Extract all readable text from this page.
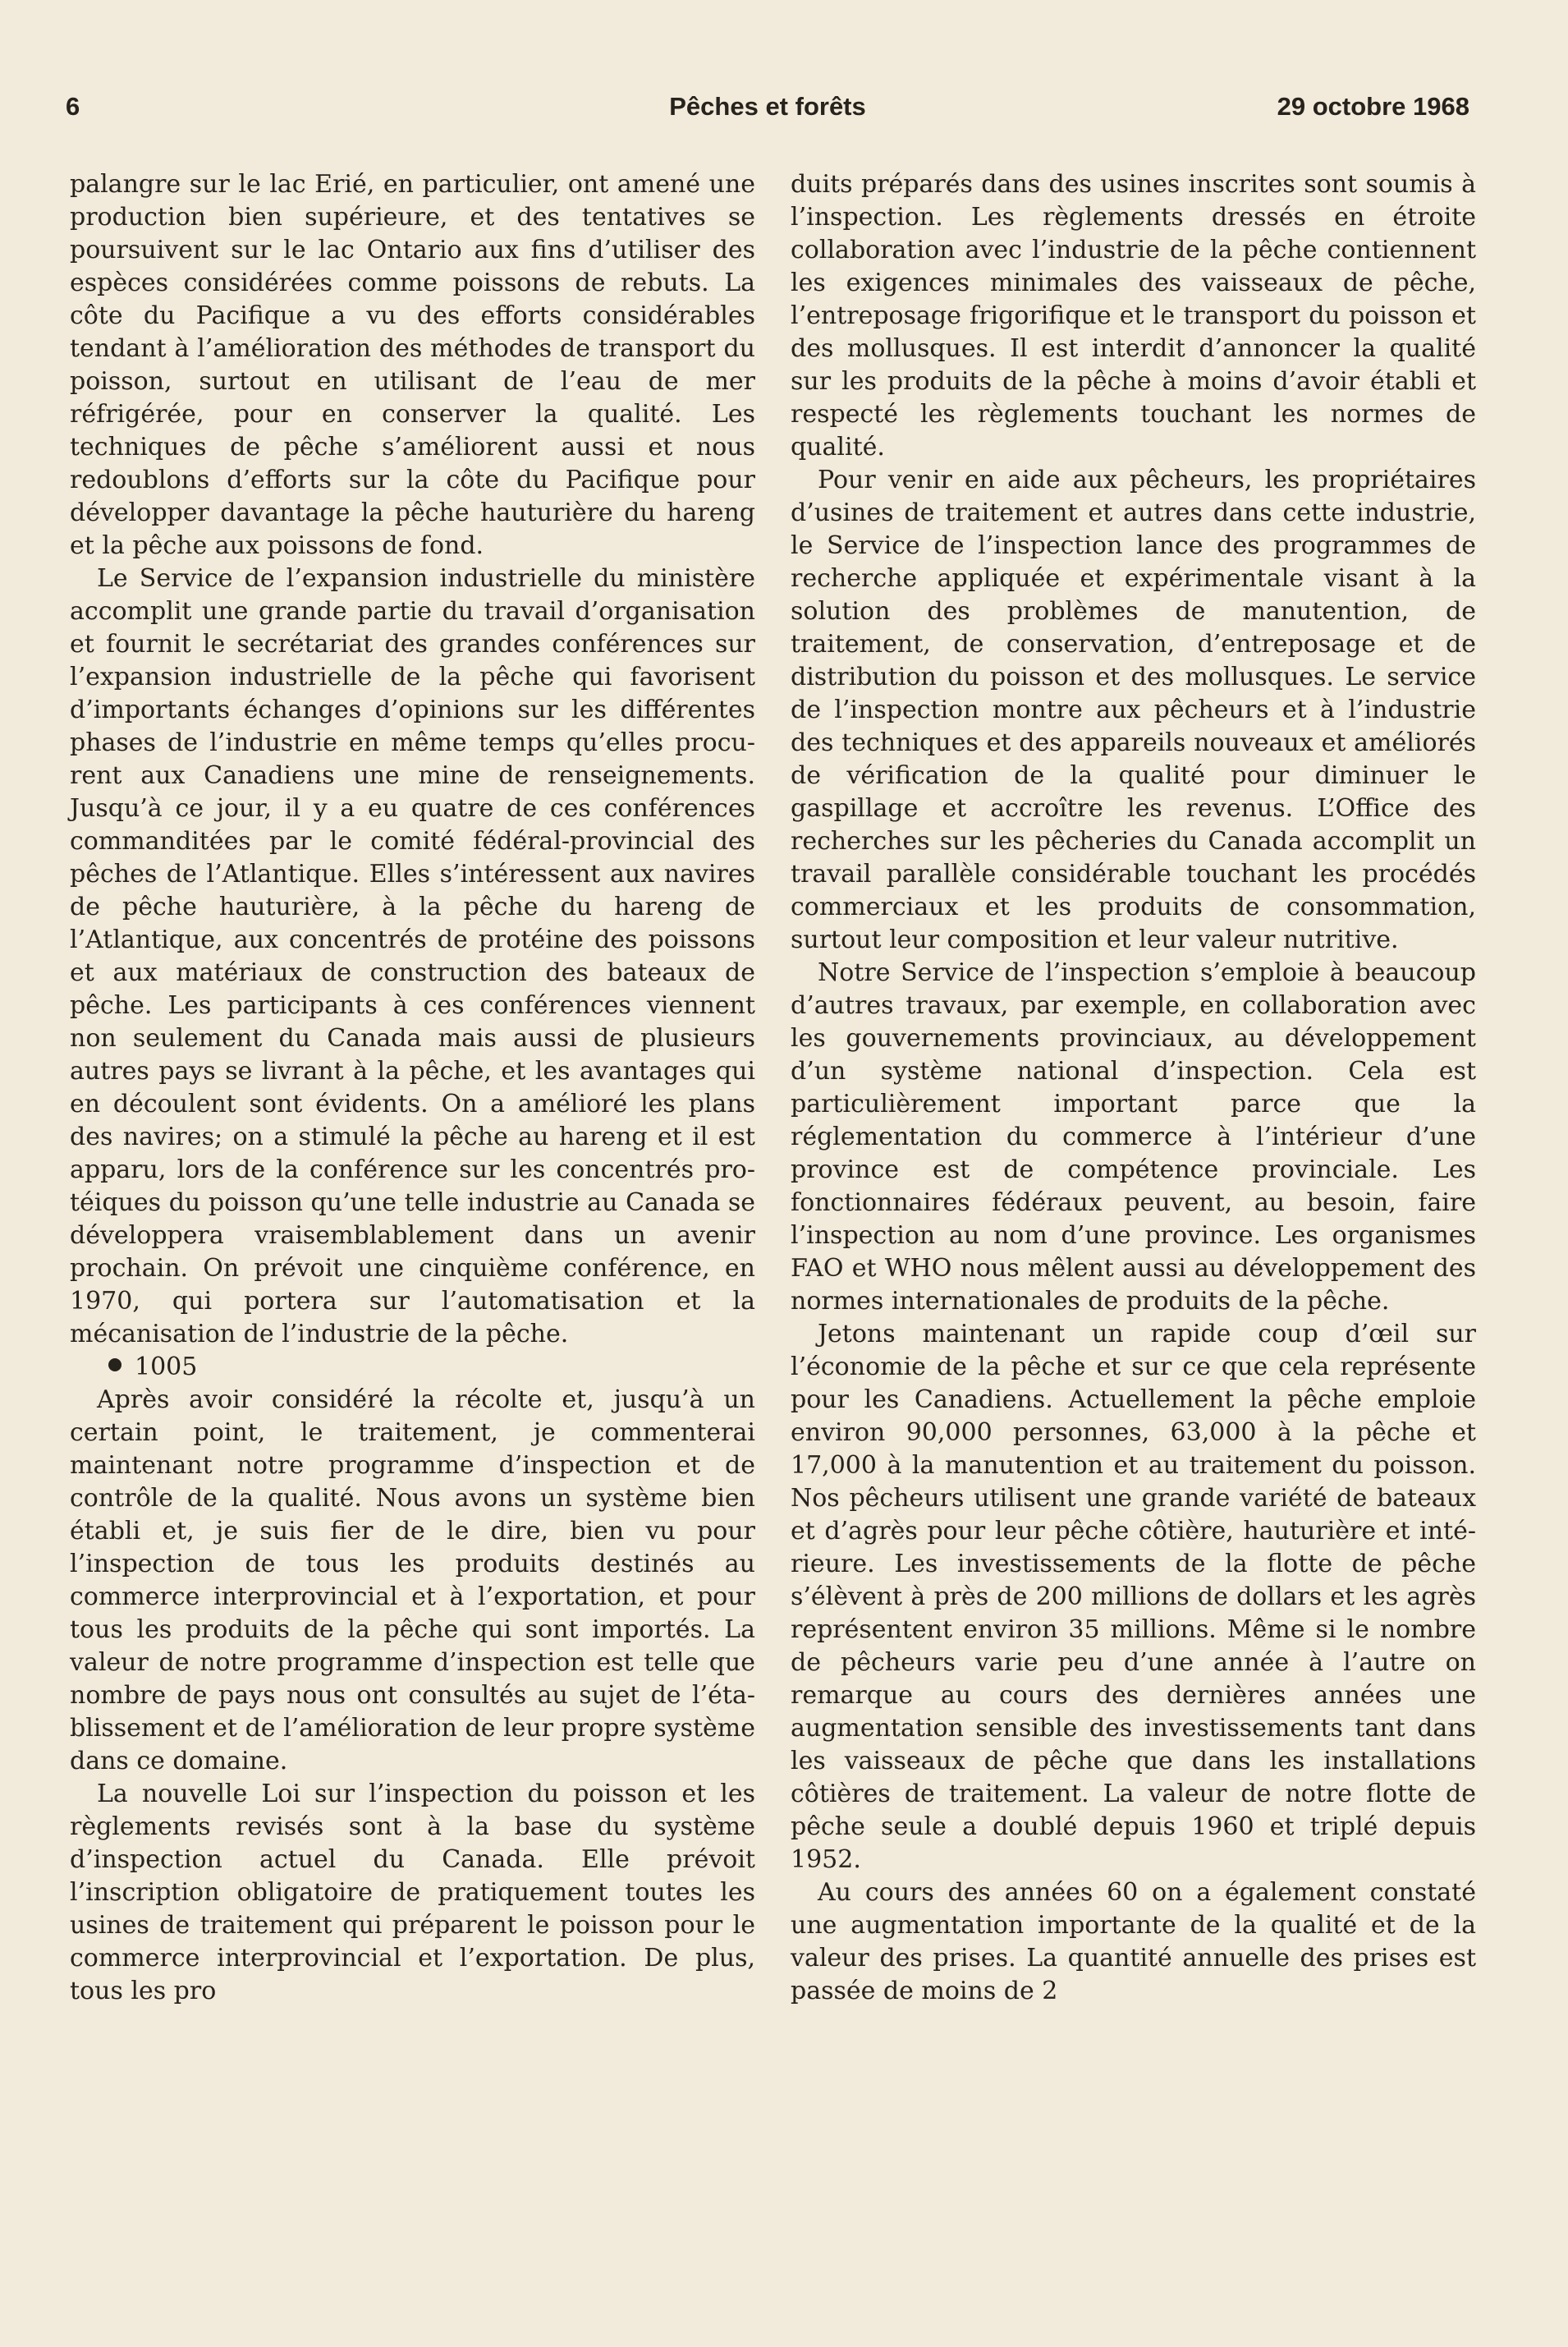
6	Pêches et forêts	29 octobre 1968

palangre sur le lac Erié, en particulier, ont amené une production bien supérieure, et des tentatives se poursuivent sur le lac Ontario aux fins d’utiliser des espèces considérées comme poissons de rebuts. La côte du Pacifique a vu des efforts considérables tendant à l’amélioration des méthodes de transport du poisson, surtout en utilisant de l’eau de mer réfrigérée, pour en conserver la qualité. Les techniques de pêche s’améliorent aussi et nous redoublons d’efforts sur la côte du Pacifique pour développer davantage la pêche hauturière du hareng et la pêche aux poissons de fond.

Le Service de l’expansion industrielle du ministère accomplit une grande partie du travail d’organisation et fournit le secrétariat des grandes conférences sur l’expansion industrielle de la pêche qui favorisent d’importants échanges d’opinions sur les différentes phases de l’industrie en même temps qu’elles procurent aux Canadiens une mine de renseignements. Jusqu’à ce jour, il y a eu quatre de ces conférences commanditées par le comité fédéral-provincial des pêches de l’Atlantique. Elles s’intéressent aux navires de pêche hauturière, à la pêche du hareng de l’Atlantique, aux concentrés de protéine des poissons et aux matériaux de construction des bateaux de pêche. Les participants à ces conférences viennent non seulement du Canada mais aussi de plusieurs autres pays se livrant à la pêche, et les avantages qui en découlent sont évidents. On a amélioré les plans des navires; on a stimulé la pêche au hareng et il est apparu, lors de la conférence sur les concentrés protéiques du poisson qu’une telle industrie au Canada se développera vraisemblablement dans un avenir prochain. On prévoit une cinquième conférence, en 1970, qui portera sur l’automatisation et la mécanisation de l’industrie de la pêche.

1005

Après avoir considéré la récolte et, jusqu’à un certain point, le traitement, je commenterai maintenant notre programme d’inspection et de contrôle de la qualité. Nous avons un système bien établi et, je suis fier de le dire, bien vu pour l’inspection de tous les produits destinés au commerce interprovincial et à l’exportation, et pour tous les produits de la pêche qui sont importés. La valeur de notre programme d’inspection est telle que nombre de pays nous ont consultés au sujet de l’établissement et de l’amélioration de leur propre système dans ce domaine.

La nouvelle Loi sur l’inspection du poisson et les règlements revisés sont à la base du système d’inspection actuel du Canada. Elle prévoit l’inscription obligatoire de pratiquement toutes les usines de traitement qui préparent le poisson pour le commerce interprovincial et l’exportation. De plus, tous les pro

duits préparés dans des usines inscrites sont soumis à l’inspection. Les règlements dressés en étroite collaboration avec l’industrie de la pêche contiennent les exigences minimales des vaisseaux de pêche, l’entreposage frigorifique et le transport du poisson et des mollusques. Il est interdit d’annoncer la qualité sur les produits de la pêche à moins d’avoir établi et respecté les règlements touchant les normes de qualité.

Pour venir en aide aux pêcheurs, les propriétaires d’usines de traitement et autres dans cette industrie, le Service de l’inspection lance des programmes de recherche appliquée et expérimentale visant à la solution des problèmes de manutention, de traitement, de conservation, d’entreposage et de distribution du poisson et des mollusques. Le service de l’inspection montre aux pêcheurs et à l’industrie des techniques et des appareils nouveaux et améliorés de vérification de la qualité pour diminuer le gaspillage et accroître les revenus. L’Office des recherches sur les pêcheries du Canada accomplit un travail parallèle considérable touchant les procédés commerciaux et les produits de consommation, surtout leur composition et leur valeur nutritive.

Notre Service de l’inspection s’emploie à beaucoup d’autres travaux, par exemple, en collaboration avec les gouvernements provinciaux, au développement d’un système national d’inspection. Cela est particulièrement important parce que la réglementation du commerce à l’intérieur d’une province est de compétence provinciale. Les fonctionnaires fédéraux peuvent, au besoin, faire l’inspection au nom d’une province. Les organismes FAO et WHO nous mêlent aussi au développement des normes internationales de produits de la pêche.

Jetons maintenant un rapide coup d’œil sur l’économie de la pêche et sur ce que cela représente pour les Canadiens. Actuellement la pêche emploie environ 90,000 personnes, 63,000 à la pêche et 17,000 à la manutention et au traitement du poisson. Nos pêcheurs utilisent une grande variété de bateaux et d’agrès pour leur pêche côtière, hauturière et intérieure. Les investissements de la flotte de pêche s’élèvent à près de 200 millions de dollars et les agrès représentent environ 35 millions. Même si le nombre de pêcheurs varie peu d’une année à l’autre on remarque au cours des dernières années une augmentation sensible des investissements tant dans les vaisseaux de pêche que dans les installations côtières de traitement. La valeur de notre flotte de pêche seule a doublé depuis 1960 et triplé depuis 1952.

Au cours des années 60 on a également constaté une augmentation importante de la qualité et de la valeur des prises. La quantité annuelle des prises est passée de moins de 2
